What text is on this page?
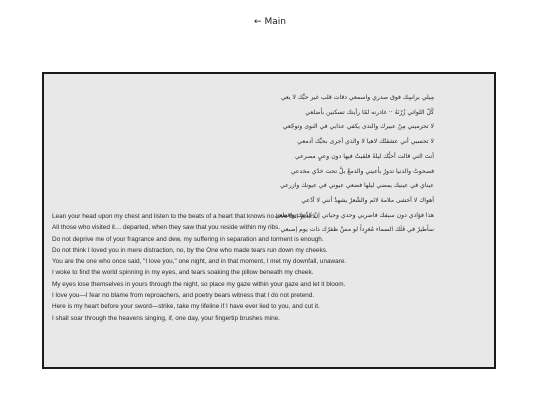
← Main
مِيلي براسِك فوق صدري واسمعي دقات قلب غير حبِّك لا يعي
كُلّ اللواتي زُرْنَهُ ·· غادرنه لمّا رأينك تسكنين بأضلعي
لا تحرميني مِنْ عبيرك والندى يكفي عذابي في النوى وتوجّعي
لا تحسبي أني عشقتُك لاهيا لا والذي أجرى بحبِّك أدمعي
أنتَ التي قالت أحبُّك ليلةً فلقيتُ فيها دون وعيٍ مصرعي
فصحوتُ والدنيا تدورُ بأعيني والدمعُ بلَّ تحت خدّي مخدعي
عيناي في عينيك يمضي ليلها فضعي عيوني في عيونك وازرعي
أهواك لا أخشى ملامةَ لائم والشّعرُ يشهدُ أنني لا أدّعي
هذا فؤادي دون سيفك فاضربي وحدي وحياتي إنْ كذّبتِك واقطعي
سأطيرُ في فَلَك السماء مُغرِداً لو مسَّ ظفرُك ذات يوم إصبعي
Lean your head upon my chest and listen to the beats of a heart that knows no love but yours.
All those who visited it… departed, when they saw that you reside within my ribs.
Do not deprive me of your fragrance and dew, my suffering in separation and torment is enough.
Do not think I loved you in mere distraction, no, by the One who made tears run down my cheeks.
You are the one who once said, "I love you," one night, and in that moment, I met my downfall, unaware.
I woke to find the world spinning in my eyes, and tears soaking the pillow beneath my cheek.
My eyes lose themselves in yours through the night, so place my gaze within your gaze and let it bloom.
I love you—I fear no blame from reproachers, and poetry bears witness that I do not pretend.
Here is my heart before your sword—strike, take my lifeline if I have ever lied to you, and cut it.
I shall soar through the heavens singing, if, one day, your fingertip brushes mine.
